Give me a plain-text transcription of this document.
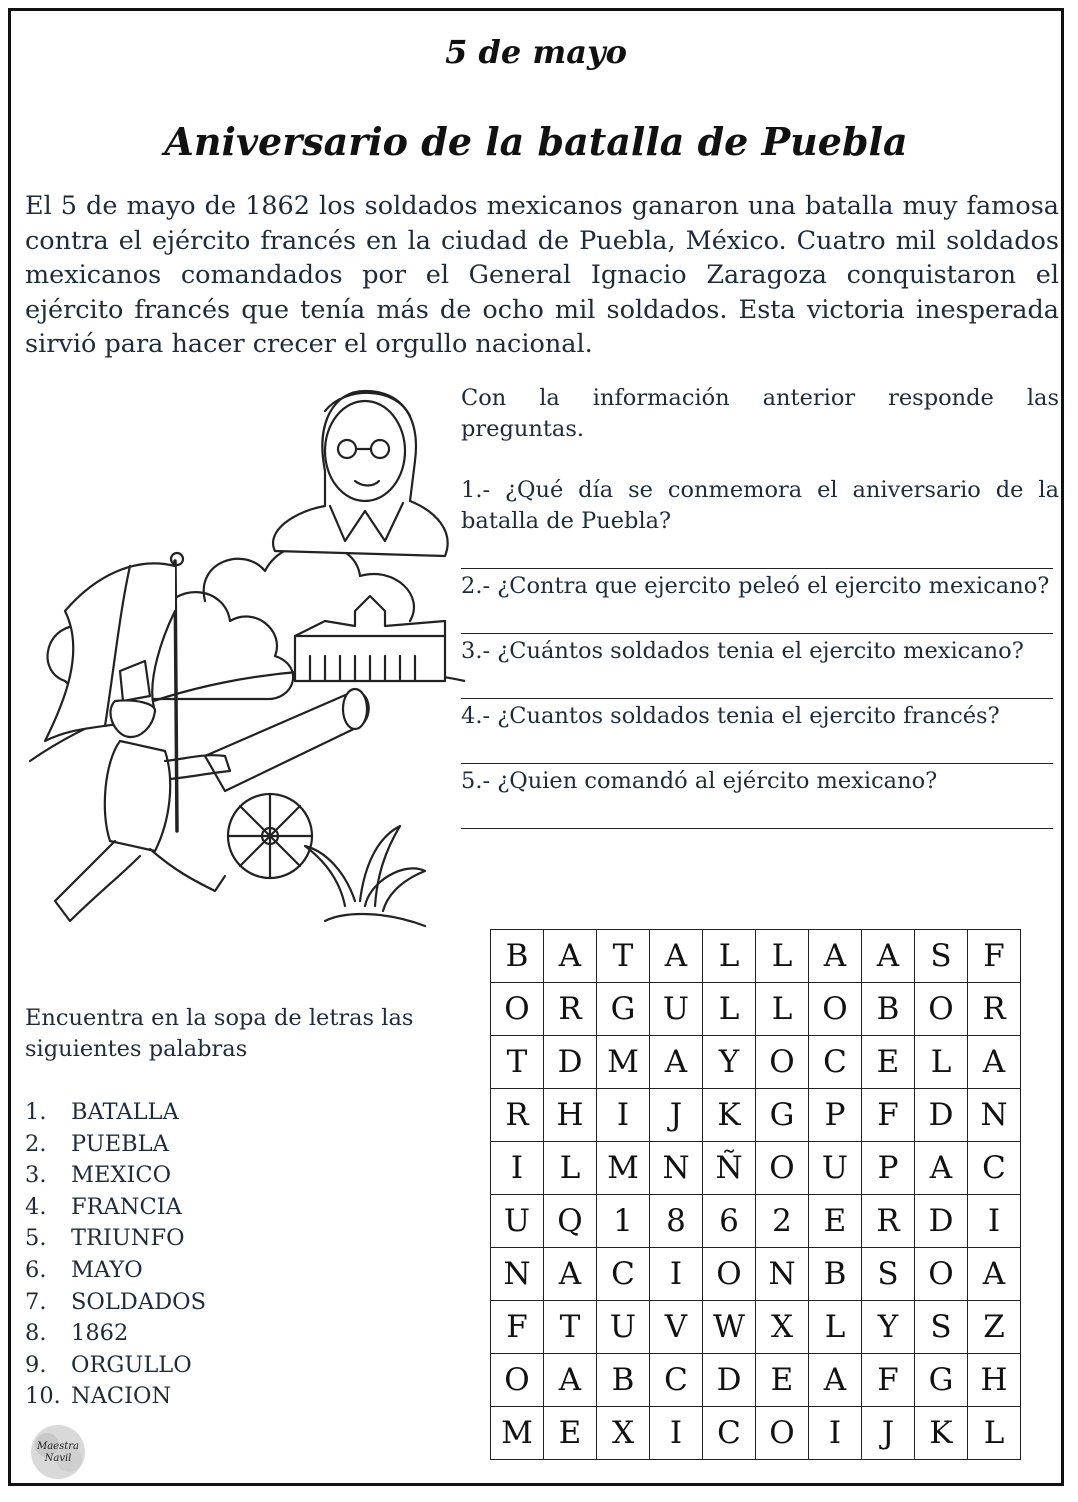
5 de mayo
Aniversario de la batalla de Puebla
El 5 de mayo de 1862 los soldados mexicanos ganaron una batalla muy famosa contra el ejército francés en la ciudad de Puebla, México. Cuatro mil soldados mexicanos comandados por el General Ignacio Zaragoza conquistaron el ejército francés que tenía más de ocho mil soldados. Esta victoria inesperada sirvió para hacer crecer el orgullo nacional.

Con la información anterior responde las preguntas.

1.- ¿Qué día se conmemora el aniversario de la batalla de Puebla?

2.- ¿Contra que ejercito peleó el ejercito mexicano?

3.- ¿Cuántos soldados tenia el ejercito mexicano?

4.- ¿Cuantos soldados tenia el ejercito francés?

5.- ¿Quien comandó al ejército mexicano?

Encuentra en la sopa de letras las siguientes palabras
1.	BATALLA
2.	PUEBLA
3.	MEXICO
4.	FRANCIA
5.	TRIUNFO
6.	MAYO
7.	SOLDADOS
8.	1862
9.	ORGULLO
10. NACION
B	A	T	A	L	L	A	A	S	F
O	R	G	U	L	L	O	B	O	R
T	D	M	A	Y	O	C	E	L	A
R	H	I	J	K	G	P	F	D	N
I	L	M	N	Ñ	O	U	P	A	C
U	Q	1	8	6	2	E	R	D	I
N	A	C	I	O	N	B	S	O	A
F	T	U	V	W	X	L	Y	S	Z
O	A	B	C	D	E	A	F	G	H
M	E	X	I	C	O	I	J	K	L
Maestra
Navil
